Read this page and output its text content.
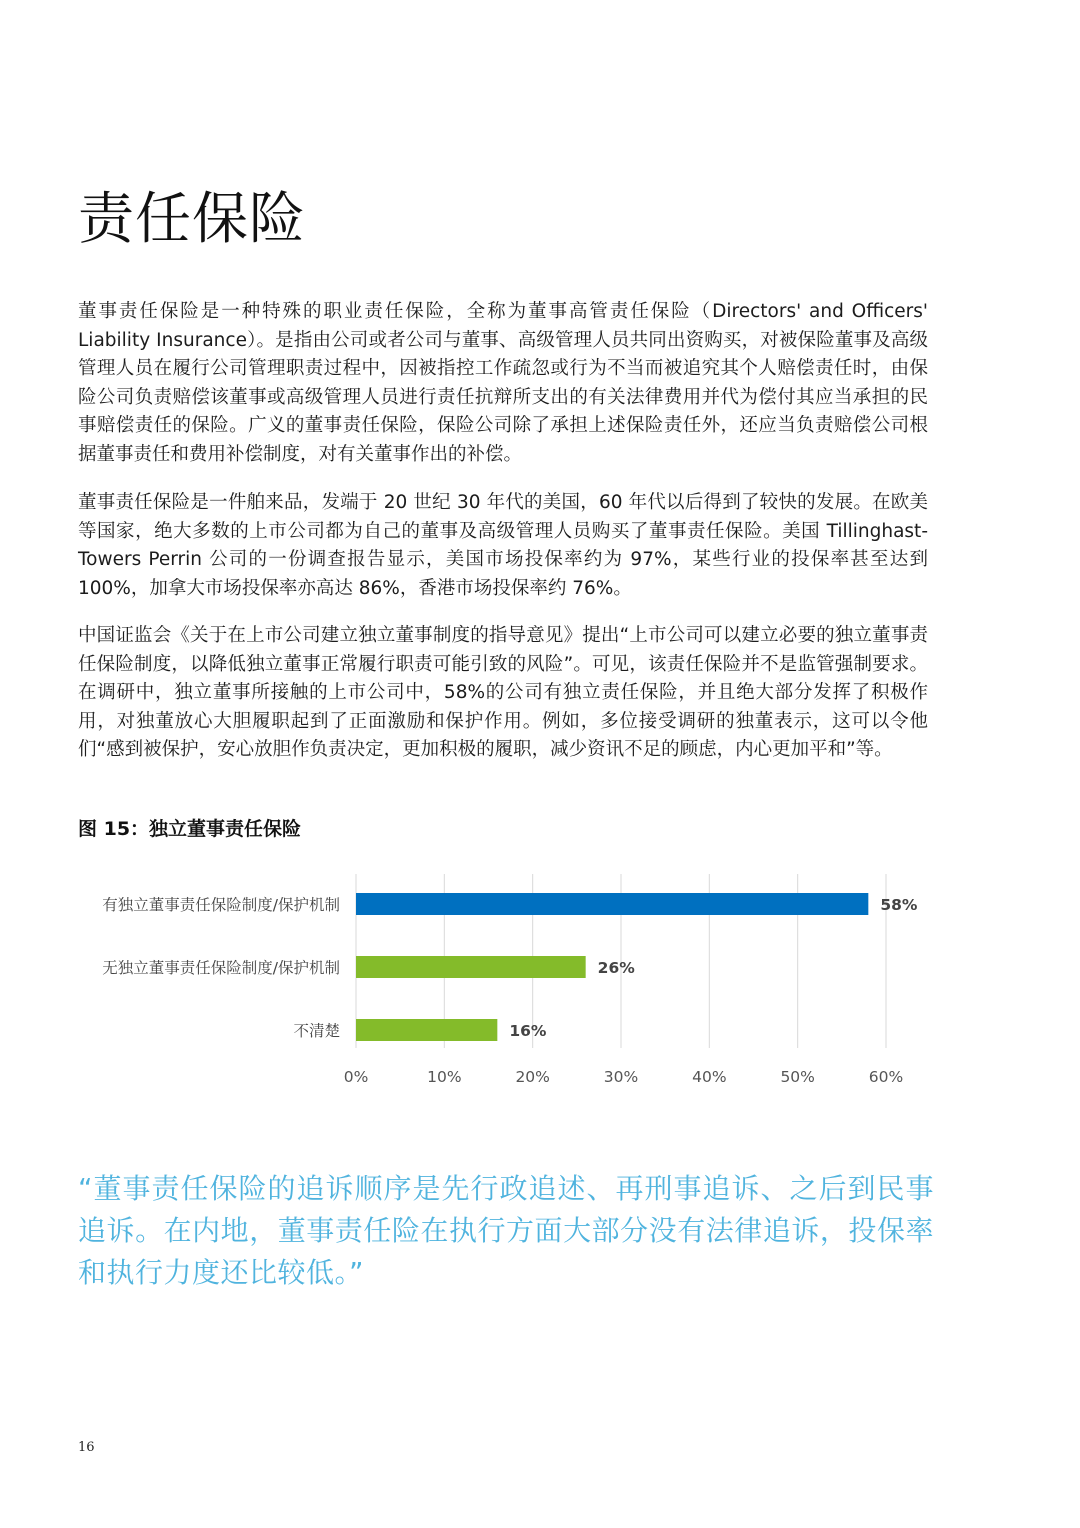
责任保险

董事责任保险是一种特殊的职业责任保险，全称为董事高管责任保险（Directors' and Officers' Liability Insurance）。是指由公司或者公司与董事、高级管理人员共同出资购买，对被保险董事及高级管理人员在履行公司管理职责过程中，因被指控工作疏忽或行为不当而被追究其个人赔偿责任时，由保险公司负责赔偿该董事或高级管理人员进行责任抗辩所支出的有关法律费用并代为偿付其应当承担的民事赔偿责任的保险。广义的董事责任保险，保险公司除了承担上述保险责任外，还应当负责赔偿公司根据董事责任和费用补偿制度，对有关董事作出的补偿。

董事责任保险是一件舶来品，发端于 20 世纪 30 年代的美国，60 年代以后得到了较快的发展。在欧美等国家，绝大多数的上市公司都为自己的董事及高级管理人员购买了董事责任保险。美国 Tillinghast-Towers Perrin 公司的一份调查报告显示，美国市场投保率约为 97%，某些行业的投保率甚至达到 100%，加拿大市场投保率亦高达 86%，香港市场投保率约 76%。

中国证监会《关于在上市公司建立独立董事制度的指导意见》提出“上市公司可以建立必要的独立董事责任保险制度，以降低独立董事正常履行职责可能引致的风险”。可见，该责任保险并不是监管强制要求。在调研中，独立董事所接触的上市公司中，58%的公司有独立责任保险，并且绝大部分发挥了积极作用，对独董放心大胆履职起到了正面激励和保护作用。例如，多位接受调研的独董表示，这可以令他们“感到被保护，安心放胆作负责决定，更加积极的履职，减少资讯不足的顾虑，内心更加平和”等。

图 15：独立董事责任保险
0%	10%	20%	30%	40%	50%	60%
有独立董事责任保险制度/保护机制	58%
无独立董事责任保险制度/保护机制	26%
不清楚	16%

“董事责任保险的追诉顺序是先行政追述、再刑事追诉、之后到民事追诉。在内地，董事责任险在执行方面大部分没有法律追诉，投保率和执行力度还比较低。”

16
